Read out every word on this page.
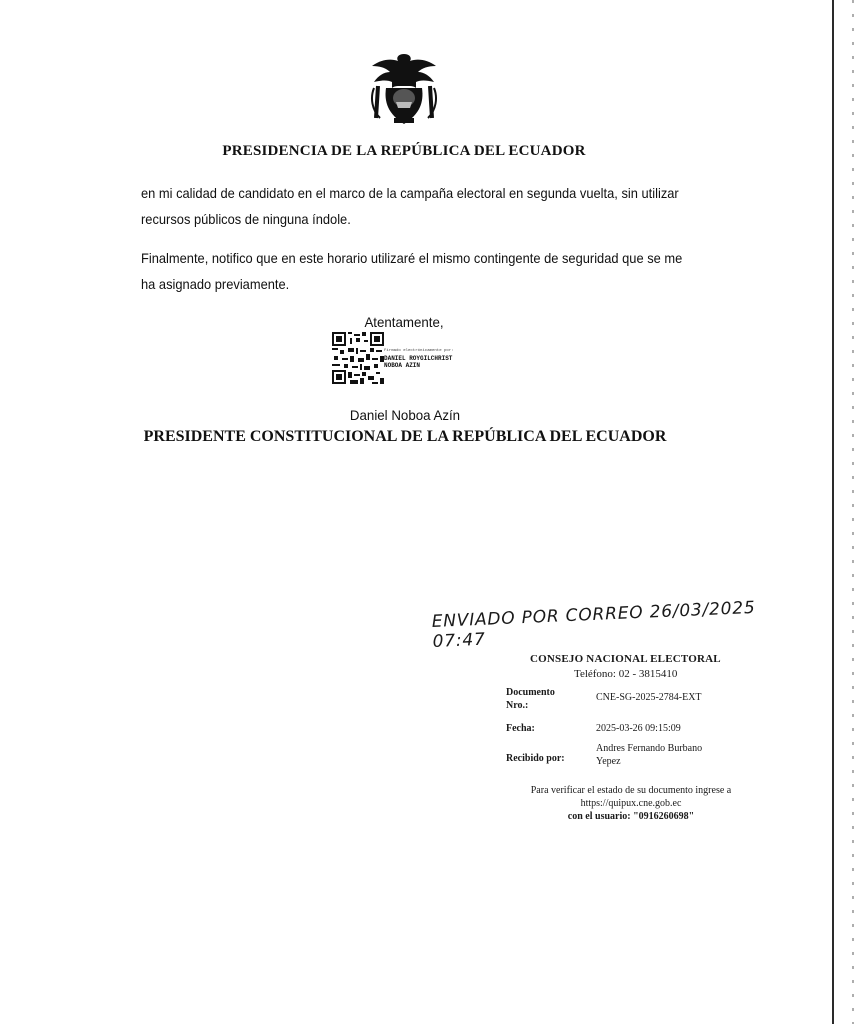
PRESIDENCIA DE LA REPÚBLICA DEL ECUADOR

en mi calidad de candidato en el marco de la campaña electoral en segunda vuelta, sin utilizar recursos públicos de ninguna índole.

Finalmente, notifico que en este horario utilizaré el mismo contingente de seguridad que se me ha asignado previamente.

Atentamente,
Firmado electrónicamente por:
DANIEL ROYGILCHRIST
NOBOA AZIN
Daniel Noboa Azín
PRESIDENTE CONSTITUCIONAL DE LA REPÚBLICA DEL ECUADOR
ENVIADO POR CORREO 26/03/2025 07:47
CONSEJO NACIONAL ELECTORAL
Teléfono: 02 - 3815410
Documento
Nro.:
CNE-SG-2025-2784-EXT
Fecha:	2025-03-26 09:15:09
Recibido por:
Andres Fernando Burbano
Yepez
Para verificar el estado de su documento ingrese a
https://quipux.cne.gob.ec
con el usuario: "0916260698"
